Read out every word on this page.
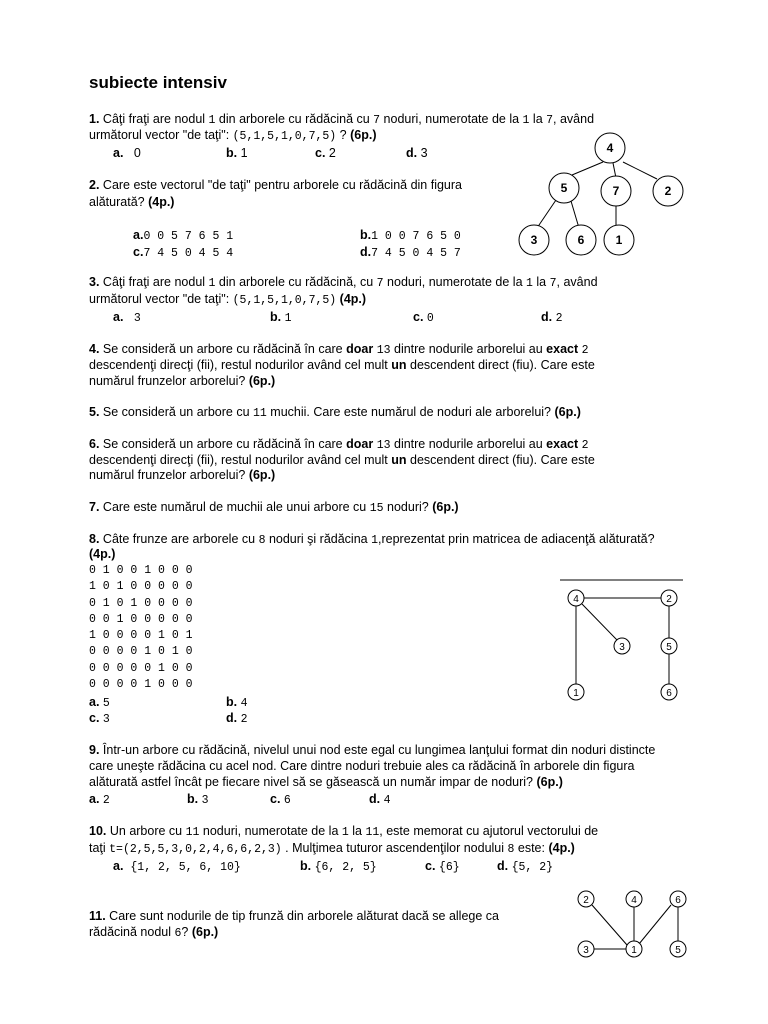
subiecte intensiv
1. Câţi fraţi are nodul 1 din arborele cu rădăcină cu 7 noduri, numerotate de la 1 la 7, având
următorul vector "de taţi": (5,1,5,1,0,7,5) ? (6p.)
a. 0	b. 1	c. 2	d. 3
2. Care este vectorul "de taţi" pentru arborele cu rădăcină din figura
alăturată? (4p.)
a.0 0 5 7 6 5 1	b.1 0 0 7 6 5 0
c.7 4 5 0 4 5 4	d.7 4 5 0 4 5 7
4
5	7	2
3	6	1
3. Câţi fraţi are nodul 1 din arborele cu rădăcină, cu 7 noduri, numerotate de la 1 la 7, având
următorul vector "de taţi": (5,1,5,1,0,7,5) (4p.)
a. 3	b. 1	c. 0	d. 2
4. Se consideră un arbore cu rădăcină în care doar 13 dintre nodurile arborelui au exact 2
descendenţi direcţi (fii), restul nodurilor având cel mult un descendent direct (fiu). Care este
numărul frunzelor arborelui? (6p.)
5. Se consideră un arbore cu 11 muchii. Care este numărul de noduri ale arborelui? (6p.)
6. Se consideră un arbore cu rădăcină în care doar 13 dintre nodurile arborelui au exact 2
descendenţi direcţi (fii), restul nodurilor având cel mult un descendent direct (fiu). Care este
numărul frunzelor arborelui? (6p.)
7. Care este numărul de muchii ale unui arbore cu 15 noduri? (6p.)
8. Câte frunze are arborele cu 8 noduri şi rădăcina 1,reprezentat prin matricea de adiacenţă alăturată?
(4p.)
0 1 0 0 1 0 0 0
1 0 1 0 0 0 0 0
0 1 0 1 0 0 0 0
0 0 1 0 0 0 0 0
1 0 0 0 0 1 0 1
0 0 0 0 1 0 1 0
0 0 0 0 0 1 0 0
0 0 0 0 1 0 0 0
a. 5	b. 4
c. 3	d. 2
4	2
3	5
1	6
9. Într-un arbore cu rădăcină, nivelul unui nod este egal cu lungimea lanţului format din noduri distincte
care uneşte rădăcina cu acel nod. Care dintre noduri trebuie ales ca rădăcină în arborele din figura
alăturată astfel încât pe fiecare nivel să se găsească un număr impar de noduri? (6p.)
a. 2	b. 3	c. 6	d. 4
10. Un arbore cu 11 noduri, numerotate de la 1 la 11, este memorat cu ajutorul vectorului de
taţi t=(2,5,5,3,0,2,4,6,6,2,3) . Mulţimea tuturor ascendenţilor nodului 8 este: (4p.)
a. {1, 2, 5, 6, 10}	b. {6, 2, 5}	c. {6}	d. {5, 2}
11. Care sunt nodurile de tip frunză din arborele alăturat dacă se allege ca
rădăcină nodul 6? (6p.)
2	4	6
3	1	5
